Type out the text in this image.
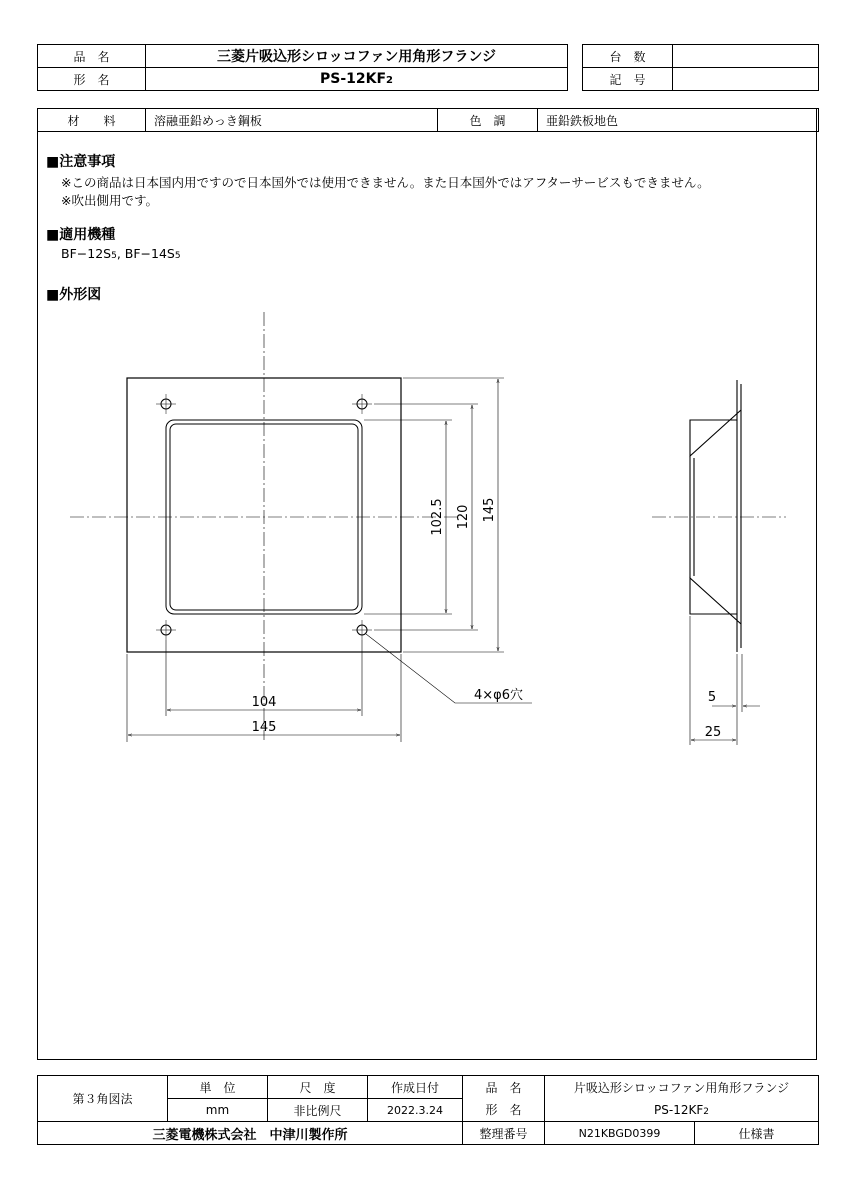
品　名	三菱片吸込形シロッコファン用角形フランジ
形　名	PS-12KF2
台　数	
記　号	
材　　料	溶融亜鉛めっき鋼板	色　調	亜鉛鉄板地色
■注意事項
※この商品は日本国内用ですので日本国外では使用できません。また日本国外ではアフターサービスもできません。
※吹出側用です。
■適用機種
BF−12S5, BF−14S5
■外形図
102.5 120 145
104
145
4×φ6穴	5
25
第３角図法	単　位	尺　度	作成日付	品　名	片吸込形シロッコファン用角形フランジ	
	mm	非比例尺	2022.3.24	形　名	PS-12KF2	
三菱電機株式会社　中津川製作所				整理番号	N21KBGD0399	仕様書
